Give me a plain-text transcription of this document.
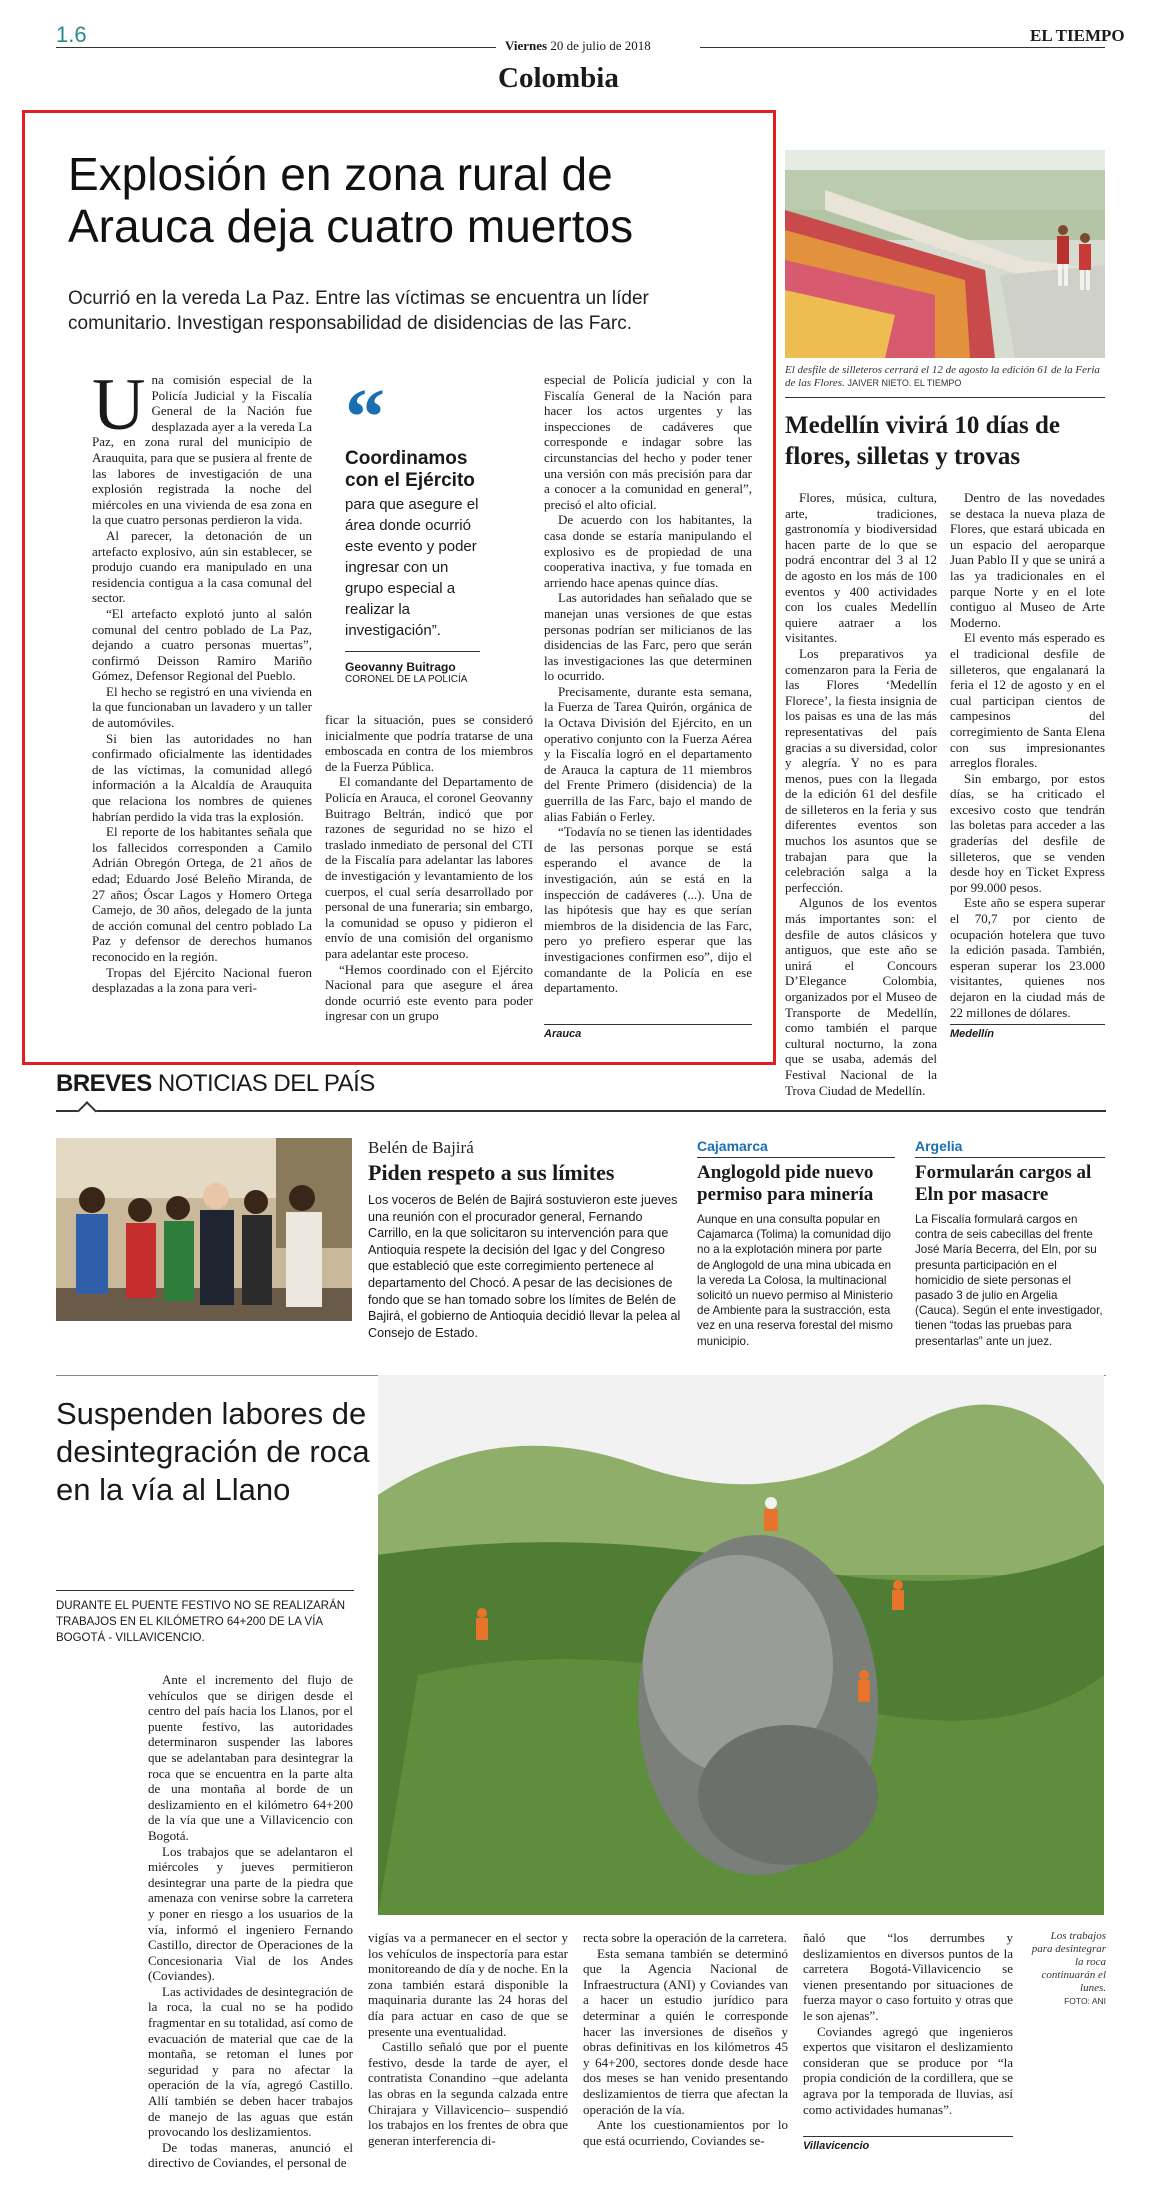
1.6	Viernes 20 de julio de 2018
EL TIEMPO
Colombia
Explosión en zona rural de Arauca deja cuatro muertos
Ocurrió en la vereda La Paz. Entre las víctimas se encuentra un líder comunitario. Investigan responsabilidad de disidencias de las Farc.
U na comisión especial de la Policía Judicial y la Fiscalía General de la Nación fue desplazada ayer a la vereda La Paz, en zona rural del municipio de Arauquita, para que se pusiera al frente de las labores de investigación de una explosión registrada la noche del miércoles en una vivienda de esa zona en la que cuatro personas perdieron la vida.

Al parecer, la detonación de un artefacto explosivo, aún sin establecer, se produjo cuando era manipulado en una residencia contigua a la casa comunal del sector.

“El artefacto explotó junto al salón comunal del centro poblado de La Paz, dejando a cuatro personas muertas”, confirmó Deisson Ramiro Mariño Gómez, Defensor Regional del Pueblo.

El hecho se registró en una vivienda en la que funcionaban un lavadero y un taller de automóviles.

Si bien las autoridades no han confirmado oficialmente las identidades de las víctimas, la comunidad allegó información a la Alcaldía de Arauquita que relaciona los nombres de quienes habrían perdido la vida tras la explosión.

El reporte de los habitantes señala que los fallecidos corresponden a Camilo Adrián Obregón Ortega, de 21 años de edad; Eduardo José Beleño Miranda, de 27 años; Óscar Lagos y Homero Ortega Camejo, de 30 años, delegado de la junta de acción comunal del centro poblado La Paz y defensor de derechos humanos reconocido en la región.

Tropas del Ejército Nacional fueron desplazadas a la zona para veri-

“
Coordinamos con el Ejército
para que asegure el área donde ocurrió este evento y poder ingresar con un grupo especial a realizar la investigación”.
Geovanny Buitrago
CORONEL DE LA POLICÍA

ficar la situación, pues se consideró inicialmente que podría tratarse de una emboscada en contra de los miembros de la Fuerza Pública.

El comandante del Departamento de Policía en Arauca, el coronel Geovanny Buitrago Beltrán, indicó que por razones de seguridad no se hizo el traslado inmediato de personal del CTI de la Fiscalía para adelantar las labores de investigación y levantamiento de los cuerpos, el cual sería desarrollado por personal de una funeraria; sin embargo, la comunidad se opuso y pidieron el envío de una comisión del organismo para adelantar este proceso.

“Hemos coordinado con el Ejército Nacional para que asegure el área donde ocurrió este evento para poder ingresar con un grupo

especial de Policía judicial y con la Fiscalía General de la Nación para hacer los actos urgentes y las inspecciones de cadáveres que corresponde e indagar sobre las circunstancias del hecho y poder tener una versión con más precisión para dar a conocer a la comunidad en general”, precisó el alto oficial.

De acuerdo con los habitantes, la casa donde se estaría manipulando el explosivo es de propiedad de una cooperativa inactiva, y fue tomada en arriendo hace apenas quince días.

Las autoridades han señalado que se manejan unas versiones de que estas personas podrían ser milicianos de las disidencias de las Farc, pero que serán las investigaciones las que determinen lo ocurrido.

Precisamente, durante esta semana, la Fuerza de Tarea Quirón, orgánica de la Octava División del Ejército, en un operativo conjunto con la Fuerza Aérea y la Fiscalía logró en el departamento de Arauca la captura de 11 miembros del Frente Primero (disidencia) de la guerrilla de las Farc, bajo el mando de alias Fabián o Ferley.

“Todavía no se tienen las identidades de las personas porque se está esperando el avance de la investigación, aún se está en la inspección de cadáveres (...). Una de las hipótesis que hay es que serían miembros de la disidencia de las Farc, pero yo prefiero esperar que las investigaciones confirmen eso”, dijo el comandante de la Policía en ese departamento.

Arauca
El desfile de silleteros cerrará el 12 de agosto la edición 61 de la Feria de las Flores. JAIVER NIETO. EL TIEMPO
Medellín vivirá 10 días de flores, silletas y trovas

Flores, música, cultura, arte, tradiciones, gastronomía y biodiversidad hacen parte de lo que se podrá encontrar del 3 al 12 de agosto en los más de 100 eventos y 400 actividades con los cuales Medellín quiere aatraer a los visitantes.

Los preparativos ya comenzaron para la Feria de las Flores ‘Medellín Florece’, la fiesta insignia de los paisas es una de las más representativas del país gracias a su diversidad, color y alegría. Y no es para menos, pues con la llegada de la edición 61 del desfile de silleteros en la feria y sus diferentes eventos son muchos los asuntos que se trabajan para que la celebración salga a la perfección.

Algunos de los eventos más importantes son: el desfile de autos clásicos y antiguos, que este año se unirá el Concours D’Elegance Colombia, organizados por el Museo de Transporte de Medellín, como también el parque cultural nocturno, la zona que se usaba, además del Festival Nacional de la Trova Ciudad de Medellín.

Dentro de las novedades se destaca la nueva plaza de Flores, que estará ubicada en un espacio del aeroparque Juan Pablo II y que se unirá a las ya tradicionales en el parque Norte y en el lote contiguo al Museo de Arte Moderno.

El evento más esperado es el tradicional desfile de silleteros, que engalanará la feria el 12 de agosto y en el cual participan cientos de campesinos del corregimiento de Santa Elena con sus impresionantes arreglos florales.

Sin embargo, por estos días, se ha criticado el excesivo costo que tendrán las boletas para acceder a las graderías del desfile de silleteros, que se venden desde hoy en Ticket Express por 99.000 pesos.

Este año se espera superar el 70,7 por ciento de ocupación hotelera que tuvo la edición pasada. También, esperan superar los 23.000 visitantes, quienes nos dejaron en la ciudad más de 22 millones de dólares.

Medellín
BREVES NOTICIAS DEL PAÍS
Belén de Bajirá
Piden respeto a sus límites
Los voceros de Belén de Bajirá sostuvieron este jueves una reunión con el procurador general, Fernando Carrillo, en la que solicitaron su intervención para que Antioquia respete la decisión del Igac y del Congreso que estableció que este corregimiento pertenece al departamento del Chocó. A pesar de las decisiones de fondo que se han tomado sobre los límites de Belén de Bajirá, el gobierno de Antioquia decidió llevar la pelea al Consejo de Estado.
Cajamarca
Anglogold pide nuevo permiso para minería
Aunque en una consulta popular en Cajamarca (Tolima) la comunidad dijo no a la explotación minera por parte de Anglogold de una mina ubicada en la vereda La Colosa, la multinacional solicitó un nuevo permiso al Ministerio de Ambiente para la sustracción, esta vez en una reserva forestal del mismo municipio.
Argelia
Formularán cargos al Eln por masacre
La Fiscalía formulará cargos en contra de seis cabecillas del frente José María Becerra, del Eln, por su presunta participación en el homicidio de siete personas el pasado 3 de julio en Argelia (Cauca). Según el ente investigador, tienen “todas las pruebas para presentarlas” ante un juez.
Suspenden labores de desintegración de roca en la vía al Llano
DURANTE EL PUENTE FESTIVO NO SE REALIZARÁN TRABAJOS EN EL KILÓMETRO 64+200 DE LA VÍA BOGOTÁ - VILLAVICENCIO.

Ante el incremento del flujo de vehículos que se dirigen desde el centro del país hacia los Llanos, por el puente festivo, las autoridades determinaron suspender las labores que se adelantaban para desintegrar la roca que se encuentra en la parte alta de una montaña al borde de un deslizamiento en el kilómetro 64+200 de la vía que une a Villavicencio con Bogotá.

Los trabajos que se adelantaron el miércoles y jueves permitieron desintegrar una parte de la piedra que amenaza con venirse sobre la carretera y poner en riesgo a los usuarios de la vía, informó el ingeniero Fernando Castillo, director de Operaciones de la Concesionaria Vial de los Andes (Coviandes).

Las actividades de desintegración de la roca, la cual no se ha podido fragmentar en su totalidad, así como de evacuación de material que cae de la montaña, se retoman el lunes por seguridad y para no afectar la operación de la vía, agregó Castillo. Allí también se deben hacer trabajos de manejo de las aguas que están provocando los deslizamientos.

De todas maneras, anunció el directivo de Coviandes, el personal de

vigías va a permanecer en el sector y los vehículos de inspectoría para estar monitoreando de día y de noche. En la zona también estará disponible la maquinaria durante las 24 horas del día para actuar en caso de que se presente una eventualidad.

Castillo señaló que por el puente festivo, desde la tarde de ayer, el contratista Conandino –que adelanta las obras en la segunda calzada entre Chirajara y Villavicencio– suspendió los trabajos en los frentes de obra que generan interferencia di-

recta sobre la operación de la carretera.

Esta semana también se determinó que la Agencia Nacional de Infraestructura (ANI) y Coviandes van a hacer un estudio jurídico para determinar a quién le corresponde hacer las inversiones de diseños y obras definitivas en los kilómetros 45 y 64+200, sectores donde desde hace dos meses se han venido presentando deslizamientos de tierra que afectan la operación de la vía.

Ante los cuestionamientos por lo que está ocurriendo, Coviandes se-

ñaló que “los derrumbes y deslizamientos en diversos puntos de la carretera Bogotá-Villavicencio se vienen presentando por situaciones de fuerza mayor o caso fortuito y otras que le son ajenas”.

Coviandes agregó que ingenieros expertos que visitaron el deslizamiento consideran que se produce por “la propia condición de la cordillera, que se agrava por la temporada de lluvias, así como actividades humanas”.

Villavicencio
Los trabajos para desintegrar la roca continuarán el lunes.
FOTO: ANI
